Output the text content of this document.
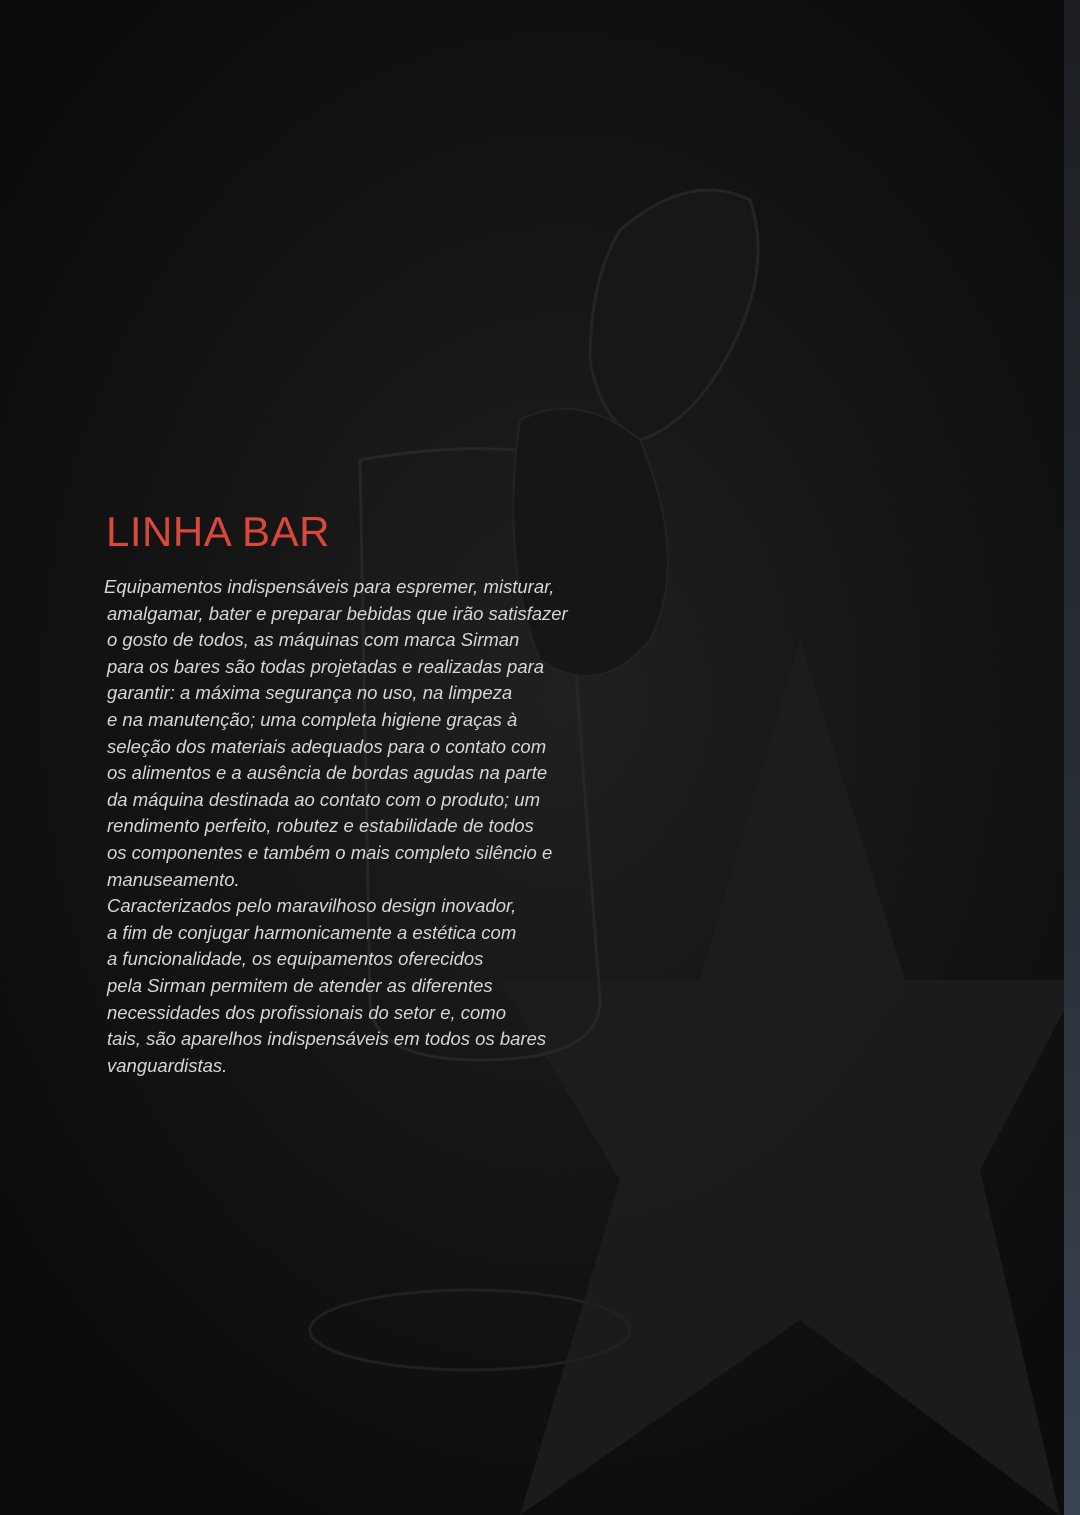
LINHA BAR
Equipamentos indispensáveis para espremer, misturar,
amalgamar, bater e preparar bebidas que irão satisfazer
o gosto de todos, as máquinas com marca Sirman
para os bares são todas projetadas e realizadas para
garantir: a máxima segurança no uso, na limpeza
e na manutenção; uma completa higiene graças à
seleção dos materiais adequados para o contato com
os alimentos e a ausência de bordas agudas na parte
da máquina destinada ao contato com o produto; um
rendimento perfeito, robutez e estabilidade de todos
os componentes e também o mais completo silêncio e
manuseamento.
Caracterizados pelo maravilhoso design inovador,
a fim de conjugar harmonicamente a estética com
a funcionalidade, os equipamentos oferecidos
pela Sirman permitem de atender as diferentes
necessidades dos profissionais do setor e, como
tais, são aparelhos indispensáveis em todos os bares
vanguardistas.
